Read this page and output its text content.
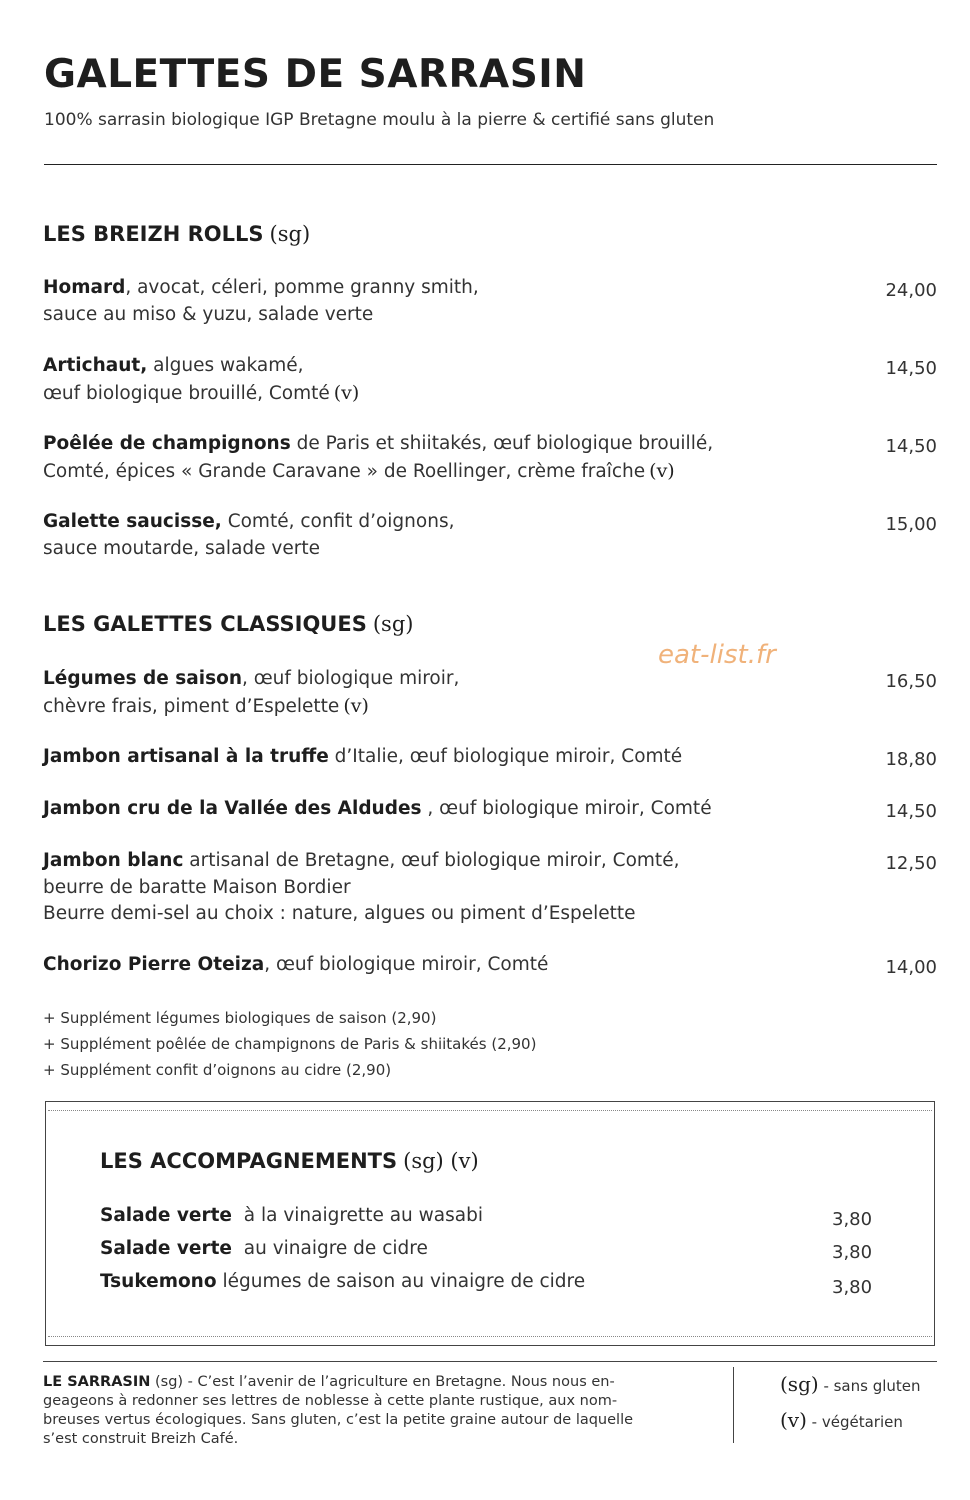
GALETTES DE SARRASIN
100% sarrasin biologique IGP Bretagne moulu à la pierre & certifié sans gluten
eat-list.fr
LES BREIZH ROLLS (sg)
Homard, avocat, céleri, pomme granny smith,
sauce au miso & yuzu, salade verte
24,00
Artichaut, algues wakamé,
œuf biologique brouillé, Comté (v)
14,50
Poêlée de champignons de Paris et shiitakés, œuf biologique brouillé,
Comté, épices « Grande Caravane » de Roellinger, crème fraîche (v)
14,50
Galette saucisse, Comté, confit d’oignons,
sauce moutarde, salade verte
15,00
LES GALETTES CLASSIQUES (sg)
Légumes de saison, œuf biologique miroir,
chèvre frais, piment d’Espelette (v)
16,50
Jambon artisanal à la truffe d’Italie, œuf biologique miroir, Comté	18,80
Jambon cru de la Vallée des Aldudes , œuf biologique miroir, Comté	14,50
Jambon blanc artisanal de Bretagne, œuf biologique miroir, Comté,
beurre de baratte Maison Bordier
Beurre demi-sel au choix : nature, algues ou piment d’Espelette
12,50
Chorizo Pierre Oteiza, œuf biologique miroir, Comté	14,00
+ Supplément légumes biologiques de saison (2,90)
+ Supplément poêlée de champignons de Paris & shiitakés (2,90)
+ Supplément confit d’oignons au cidre (2,90)
LES ACCOMPAGNEMENTS (sg) (v)
Salade verte  à la vinaigrette au wasabi	3,80
Salade verte  au vinaigre de cidre	3,80
Tsukemono légumes de saison au vinaigre de cidre	3,80
LE SARRASIN (sg) - C’est l’avenir de l’agriculture en Bretagne. Nous nous en-
geageons à redonner ses lettres de noblesse à cette plante rustique, aux nom-
breuses vertus écologiques. Sans gluten, c’est la petite graine autour de laquelle
s’est construit Breizh Café.
(sg) - sans gluten
(v) - végétarien
